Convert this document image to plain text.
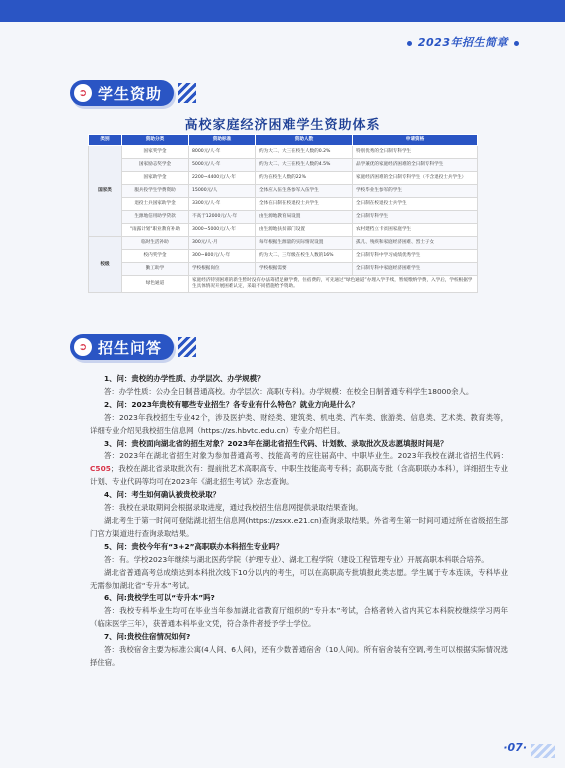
2023年招生简章
➲ 学生资助
高校家庭经济困难学生资助体系
类别	资助分类	资助标准	资助人数	申请资格
国家类	国家奖学金	8000元/人·年	约为大二、大三在校生人数的0.2%	特别优秀的全日制专科学生
	国家励志奖学金	5000元/人·年	约为大二、大三在校生人数的4.5%	品学兼优的家庭经济困难的全日制专科学生
	国家助学金	2200~4400元/人·年	约为在校生人数的22%	家庭经济困难的全日制专科学生（不含退役士兵学生）
	服兵役学生学费资助	15000元/人	全体应入伍生各参军入伍学生	学校毕业生参军的学生
	退役士兵国家助学金	3300元/人·年	全体在日制在校退役士兵学生	全日制在校退役士兵学生
	生源地信用助学贷款	不高于12000元/人·年	由生源地教育局设置	全日制专科学生
	"雨露计划"职业教育补助	3000~5000元/人·年	由生源地扶贫部门设置	农村建档立卡贫困家庭学生
校级	临时生活补助	300元/人·月	每年根据生源量的实际情况设置	孤儿、残疾和家庭经济困难、烈士子女
	校内奖学金	300~800元/人·年	约为大二、三年级在校生人数的16%	全日制专科中学习成绩优秀学生
	勤工助学	学校根据岗位	学校根据需要	全日制专科中家庭经济困难学生
	绿色通道	家庭经济特别困难的新生暂时没有办法筹措足额学费、住宿费的，可先通过“绿色通道”办理入学手续，暂缓缴纳学费，入学后，学校根据学生具体情况开展困难认定，采取不同措施给予资助。		
➲ 招生问答
1、问：贵校的办学性质、办学层次、办学规模？
答：办学性质：公办全日制普通高校。办学层次：高职(专科)。办学规模：在校全日制普通专科学生18000余人。
2、问：2023年贵校有哪些专业招生？各专业有什么特色？就业方向是什么？
答：2023年我校招生专业42个，涉及医护类、财经类、建筑类、机电类、汽车类、旅游类、信息类、艺术类、教育类等，详细专业介绍见我校招生信息网（https://zs.hbvtc.edu.cn）专业介绍栏目。
3、问：贵校面向湖北省的招生对象？2023年在湖北省招生代码、计划数、录取批次及志愿填报时间是？
答：2023年在湖北省招生对象为参加普通高考、技能高考的应往届高中、中职毕业生。2023年我校在湖北省招生代码：C505；我校在湖北省录取批次有：提前批艺术高职高专、中职生技能高考专科；高职高专批（含高职联办本科），详细招生专业计划、专业代码等均可在2023年《湖北招生考试》杂志查询。
4、问：考生如何确认被贵校录取？
答：我校在录取期间会根据录取进度，通过我校招生信息网提供录取结果查询。
湖北考生于第一时间可登陆湖北招生信息网(https://zsxx.e21.cn)查询录取结果。外省考生第一时间可通过所在省级招生部门官方渠道进行查询录取结果。
5、问：贵校今年有“3+2”高职联办本科招生专业吗？
答：有。学校2023年继续与湖北医药学院（护理专业）、湖北工程学院（建设工程管理专业）开展高职本科联合培养。
湖北省普通高考总成绩达到本科批次线下10分以内的考生，可以在高职高专批填报此类志愿。学生属于专本连读，专科毕业无需参加湖北省“专升本”考试。
6、问:贵校学生可以“专升本”吗?
答：我校专科毕业生均可在毕业当年参加湖北省教育厅组织的“专升本”考试，合格者转入省内其它本科院校继续学习两年（临床医学三年），获普通本科毕业文凭，符合条件者授予学士学位。
7、问:贵校住宿情况如何?
答：我校宿舍主要为标准公寓(4人间、6人间)，还有少数普通宿舍（10人间)。所有宿舍装有空调,考生可以根据实际情况选择住宿。
·07·
